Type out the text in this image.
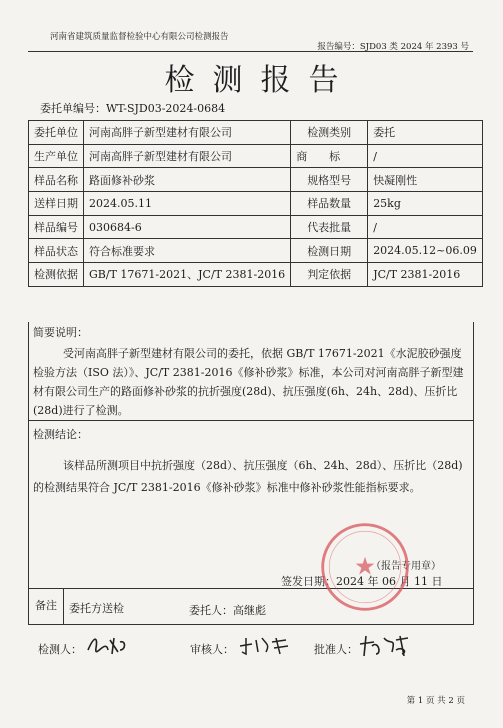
河南省建筑质量监督检验中心有限公司检测报告
报告编号：SJD03 类 2024 年 2393 号
检测报告
委托单编号：WT-SJD03-2024-0684
委托单位	河南高胖子新型建材有限公司	检测类别	委托
生产单位	河南高胖子新型建材有限公司	商标	/
样品名称	路面修补砂浆	规格型号	快凝刚性
送样日期	2024.05.11	样品数量	25kg
样品编号	030684-6	代表批量	/
样品状态	符合标准要求	检测日期	2024.05.12~06.09
检测依据	GB/T 17671-2021、JC/T 2381-2016	判定依据	JC/T 2381-2016
简要说明：
受河南高胖子新型建材有限公司的委托，依据 GB/T 17671-2021《水泥胶砂强度检验方法（ISO 法）》、JC/T 2381-2016《修补砂浆》标准，本公司对河南高胖子新型建材有限公司生产的路面修补砂浆的抗折强度(28d)、抗压强度(6h、24h、28d)、压折比(28d)进行了检测。
检测结论：
该样品所测项目中抗折强度（28d）、抗压强度（6h、24h、28d）、压折比（28d)的检测结果符合 JC/T 2381-2016《修补砂浆》标准中修补砂浆性能指标要求。
（报告专用章）
签发日期：2024 年 06 月 11 日
★
备注	委托方送检	委托人：高继彪
检测人：	审核人：	批准人：
第 1 页 共 2 页
